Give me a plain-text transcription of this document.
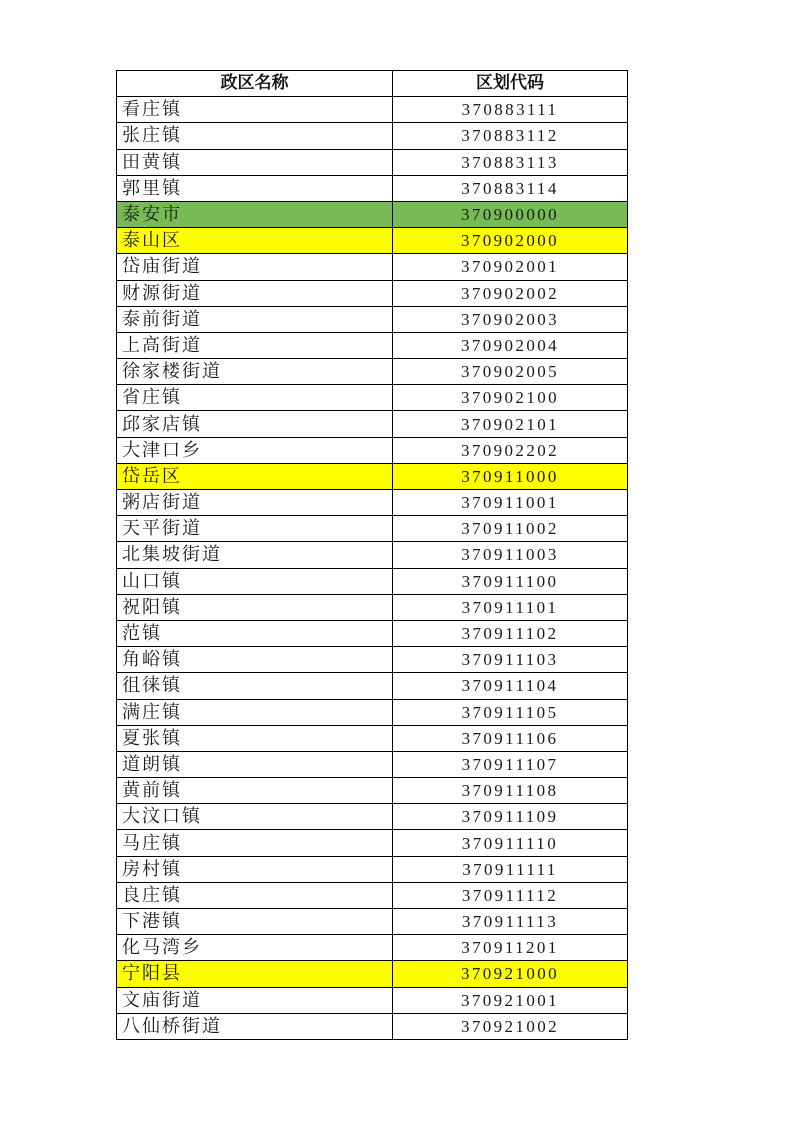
政区名称	区划代码
看庄镇	370883111
张庄镇	370883112
田黄镇	370883113
郭里镇	370883114
泰安市	370900000
泰山区	370902000
岱庙街道	370902001
财源街道	370902002
泰前街道	370902003
上高街道	370902004
徐家楼街道	370902005
省庄镇	370902100
邱家店镇	370902101
大津口乡	370902202
岱岳区	370911000
粥店街道	370911001
天平街道	370911002
北集坡街道	370911003
山口镇	370911100
祝阳镇	370911101
范镇	370911102
角峪镇	370911103
徂徕镇	370911104
满庄镇	370911105
夏张镇	370911106
道朗镇	370911107
黄前镇	370911108
大汶口镇	370911109
马庄镇	370911110
房村镇	370911111
良庄镇	370911112
下港镇	370911113
化马湾乡	370911201
宁阳县	370921000
文庙街道	370921001
八仙桥街道	370921002
